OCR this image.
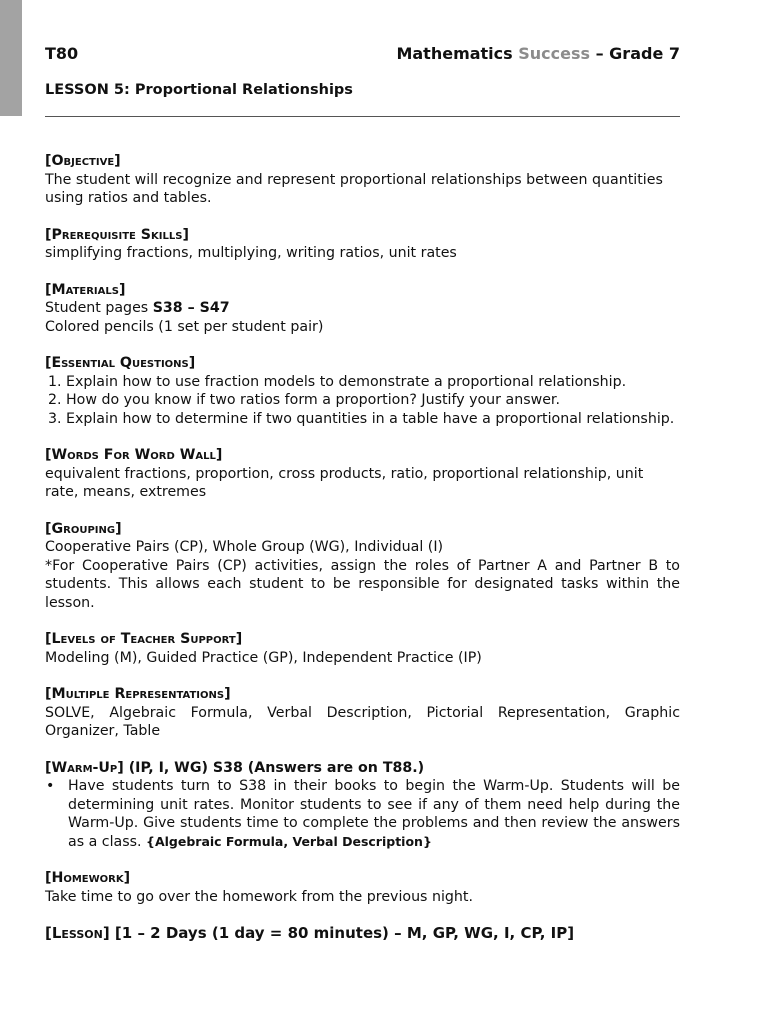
T80	Mathematics Success – Grade 7
LESSON 5: Proportional Relationships
[Objective]

The student will recognize and represent proportional relationships between quantities using ratios and tables.

[Prerequisite Skills]

simplifying fractions, multiplying, writing ratios, unit rates

[Materials]

Student pages S38 – S47

Colored pencils (1 set per student pair)

[Essential Questions]
1. Explain how to use fraction models to demonstrate a proportional relationship.
2. How do you know if two ratios form a proportion? Justify your answer.
3. Explain how to determine if two quantities in a table have a proportional relationship.
[Words For Word Wall]

equivalent fractions, proportion, cross products, ratio, proportional relationship, unit rate, means, extremes

[Grouping]

Cooperative Pairs (CP), Whole Group (WG), Individual (I)

*For Cooperative Pairs (CP) activities, assign the roles of Partner A and Partner B to students. This allows each student to be responsible for designated tasks within the lesson.

[Levels of Teacher Support]

Modeling (M), Guided Practice (GP), Independent Practice (IP)

[Multiple Representations]

SOLVE, Algebraic Formula, Verbal Description, Pictorial Representation, Graphic Organizer, Table

[Warm-Up] (IP, I, WG) S38 (Answers are on T88.)
• Have students turn to S38 in their books to begin the Warm-Up. Students will be determining unit rates. Monitor students to see if any of them need help during the Warm-Up. Give students time to complete the problems and then review the answers as a class. {Algebraic Formula, Verbal Description}
[Homework]

Take time to go over the homework from the previous night.

[Lesson] [1 – 2 Days (1 day = 80 minutes) – M, GP, WG, I, CP, IP]
